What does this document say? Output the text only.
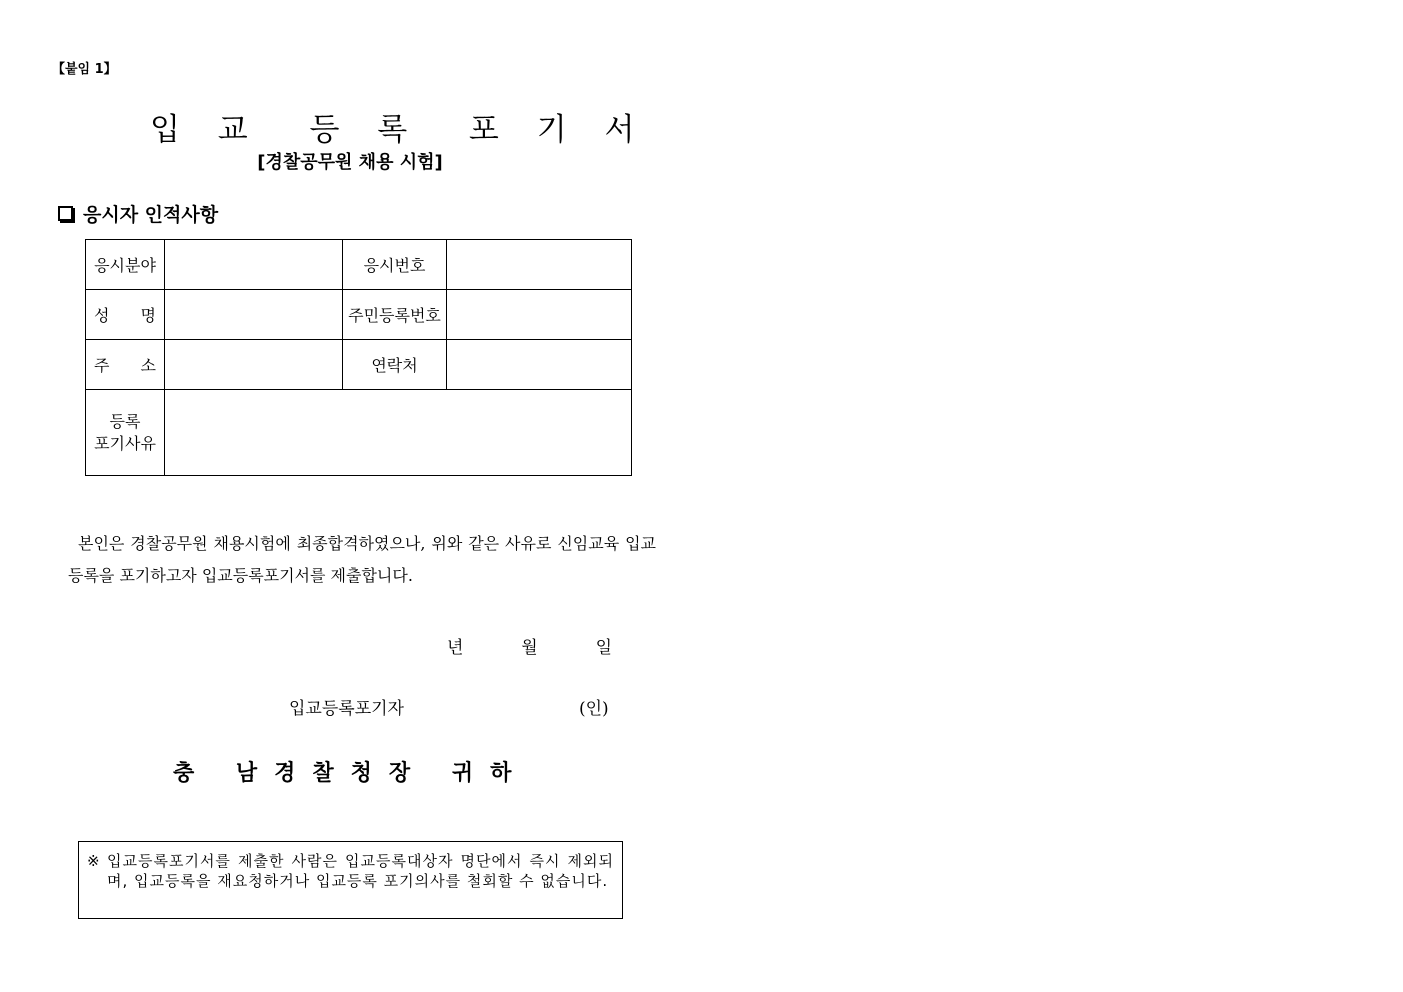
【붙임 1】
입 교  등 록  포 기 서
[경찰공무원 채용 시험]
응시자 인적사항
응시분야		응시번호	

성 명		주민등록번호	

주 소		연락처	

등록
포기사유			

본인은 경찰공무원 채용시험에 최종합격하였으나, 위와 같은 사유로 신임교육 입교등록을 포기하고자 입교등록포기서를 제출합니다.
년	월	일
입교등록포기자	(인)
충 남경찰청장 귀하
※ 입교등록포기서를 제출한 사람은 입교등록대상자 명단에서 즉시 제외되며, 입교등록을 재요청하거나 입교등록 포기의사를 철회할 수 없습니다.
